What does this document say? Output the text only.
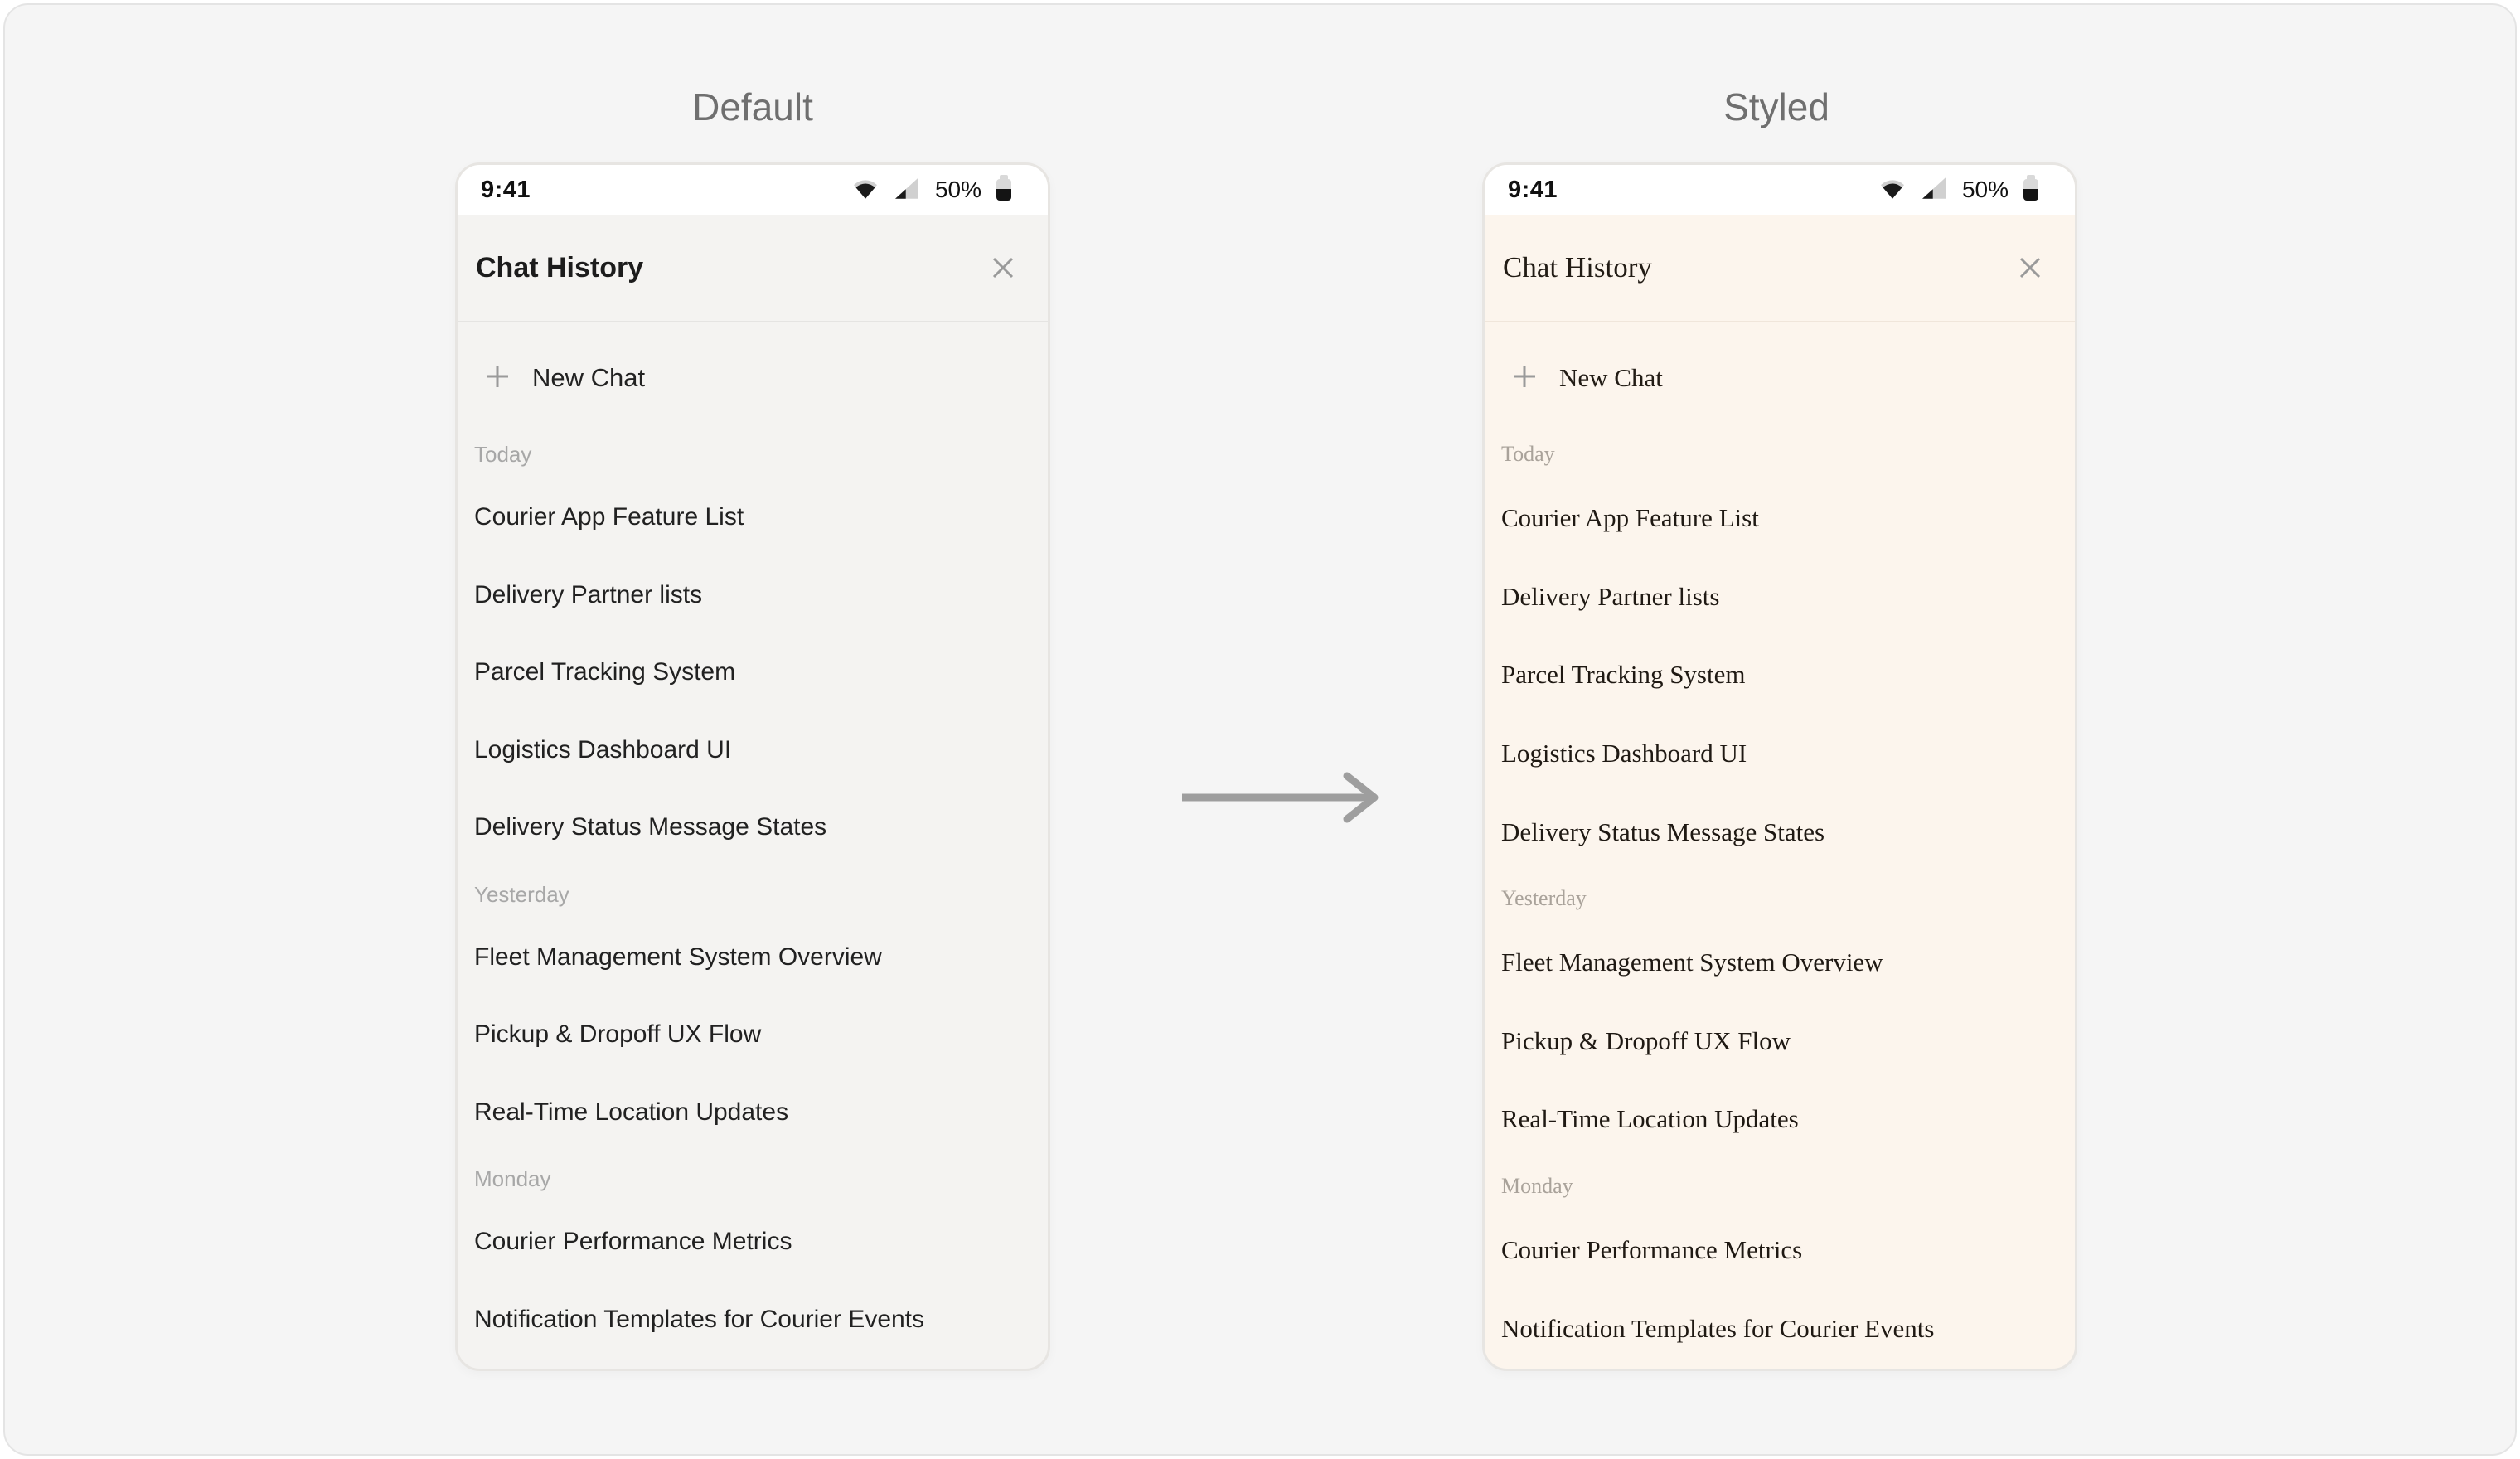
Default	Styled
9:41	50%
Chat History
New Chat
Today
Courier App Feature List
Delivery Partner lists
Parcel Tracking System
Logistics Dashboard UI
Delivery Status Message States
Yesterday
Fleet Management System Overview
Pickup & Dropoff UX Flow
Real-Time Location Updates
Monday
Courier Performance Metrics
Notification Templates for Courier Events
9:41	50%
Chat History
New Chat
Today
Courier App Feature List
Delivery Partner lists
Parcel Tracking System
Logistics Dashboard UI
Delivery Status Message States
Yesterday
Fleet Management System Overview
Pickup & Dropoff UX Flow
Real-Time Location Updates
Monday
Courier Performance Metrics
Notification Templates for Courier Events
